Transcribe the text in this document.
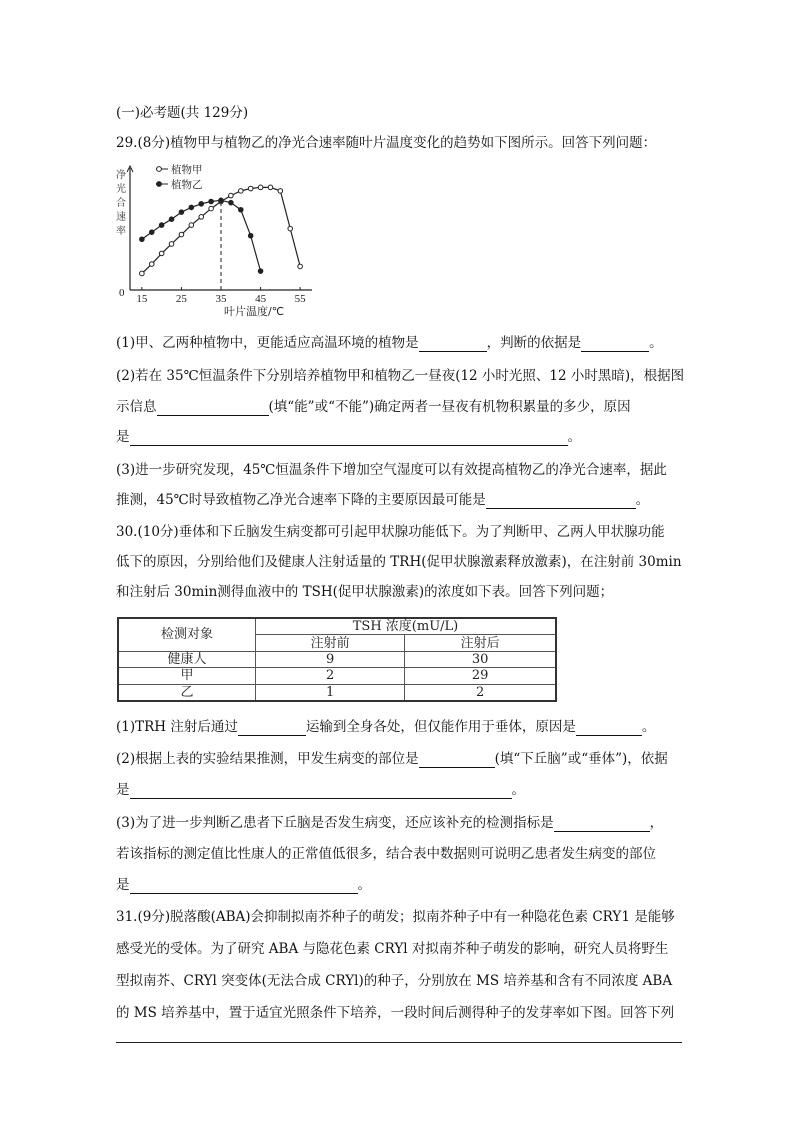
(一)必考题(共 129分)
29.(8分)植物甲与植物乙的净光合速率随叶片温度变化的趋势如下图所示。回答下列问题：
净
光
合
速
率
0 15	25	35	45	55
叶片温度/℃
植物甲
植物乙
(1)甲、乙两种植物中，更能适应高温环境的植物是	，判断的依据是	。
(2)若在 35℃恒温条件下分别培养植物甲和植物乙一昼夜(12 小时光照、12 小时黑暗)，根据图
示信息	(填“能”或“不能”)确定两者一昼夜有机物积累量的多少，原因
是	。
(3)进一步研究发现，45℃恒温条件下增加空气湿度可以有效提高植物乙的净光合速率，据此
推测，45℃时导致植物乙净光合速率下降的主要原因最可能是	。
30.(10分)垂体和下丘脑发生病变都可引起甲状腺功能低下。为了判断甲、乙两人甲状腺功能
低下的原因，分别给他们及健康人注射适量的 TRH(促甲状腺激素释放激素)，在注射前 30min
和注射后 30min测得血液中的 TSH(促甲状腺激素)的浓度如下表。回答下列问题；
检测对象	TSH 浓度(mU/L)	
	注射前	注射后
健康人	9	30
甲	2	29
乙	1	2
(1)TRH 注射后通过	运输到全身各处，但仅能作用于垂体，原因是	。
(2)根据上表的实验结果推测，甲发生病变的部位是	(填“下丘脑”或“垂体”)，依据
是	。
(3)为了进一步判断乙患者下丘脑是否发生病变，还应该补充的检测指标是	，
若该指标的测定值比性康人的正常值低很多，结合表中数据则可说明乙患者发生病变的部位
是	。
31.(9分)脱落酸(ABA)会抑制拟南芥种子的萌发；拟南芥种子中有一种隐花色素 CRY1 是能够
感受光的受体。为了研究 ABA 与隐花色素 CRYl 对拟南芥种子萌发的影响，研究人员将野生
型拟南芥、CRYl 突变体(无法合成 CRYl)的种子，分别放在 MS 培养基和含有不同浓度 ABA
的 MS 培养基中，置于适宜光照条件下培养，一段时间后测得种子的发芽率如下图。回答下列
